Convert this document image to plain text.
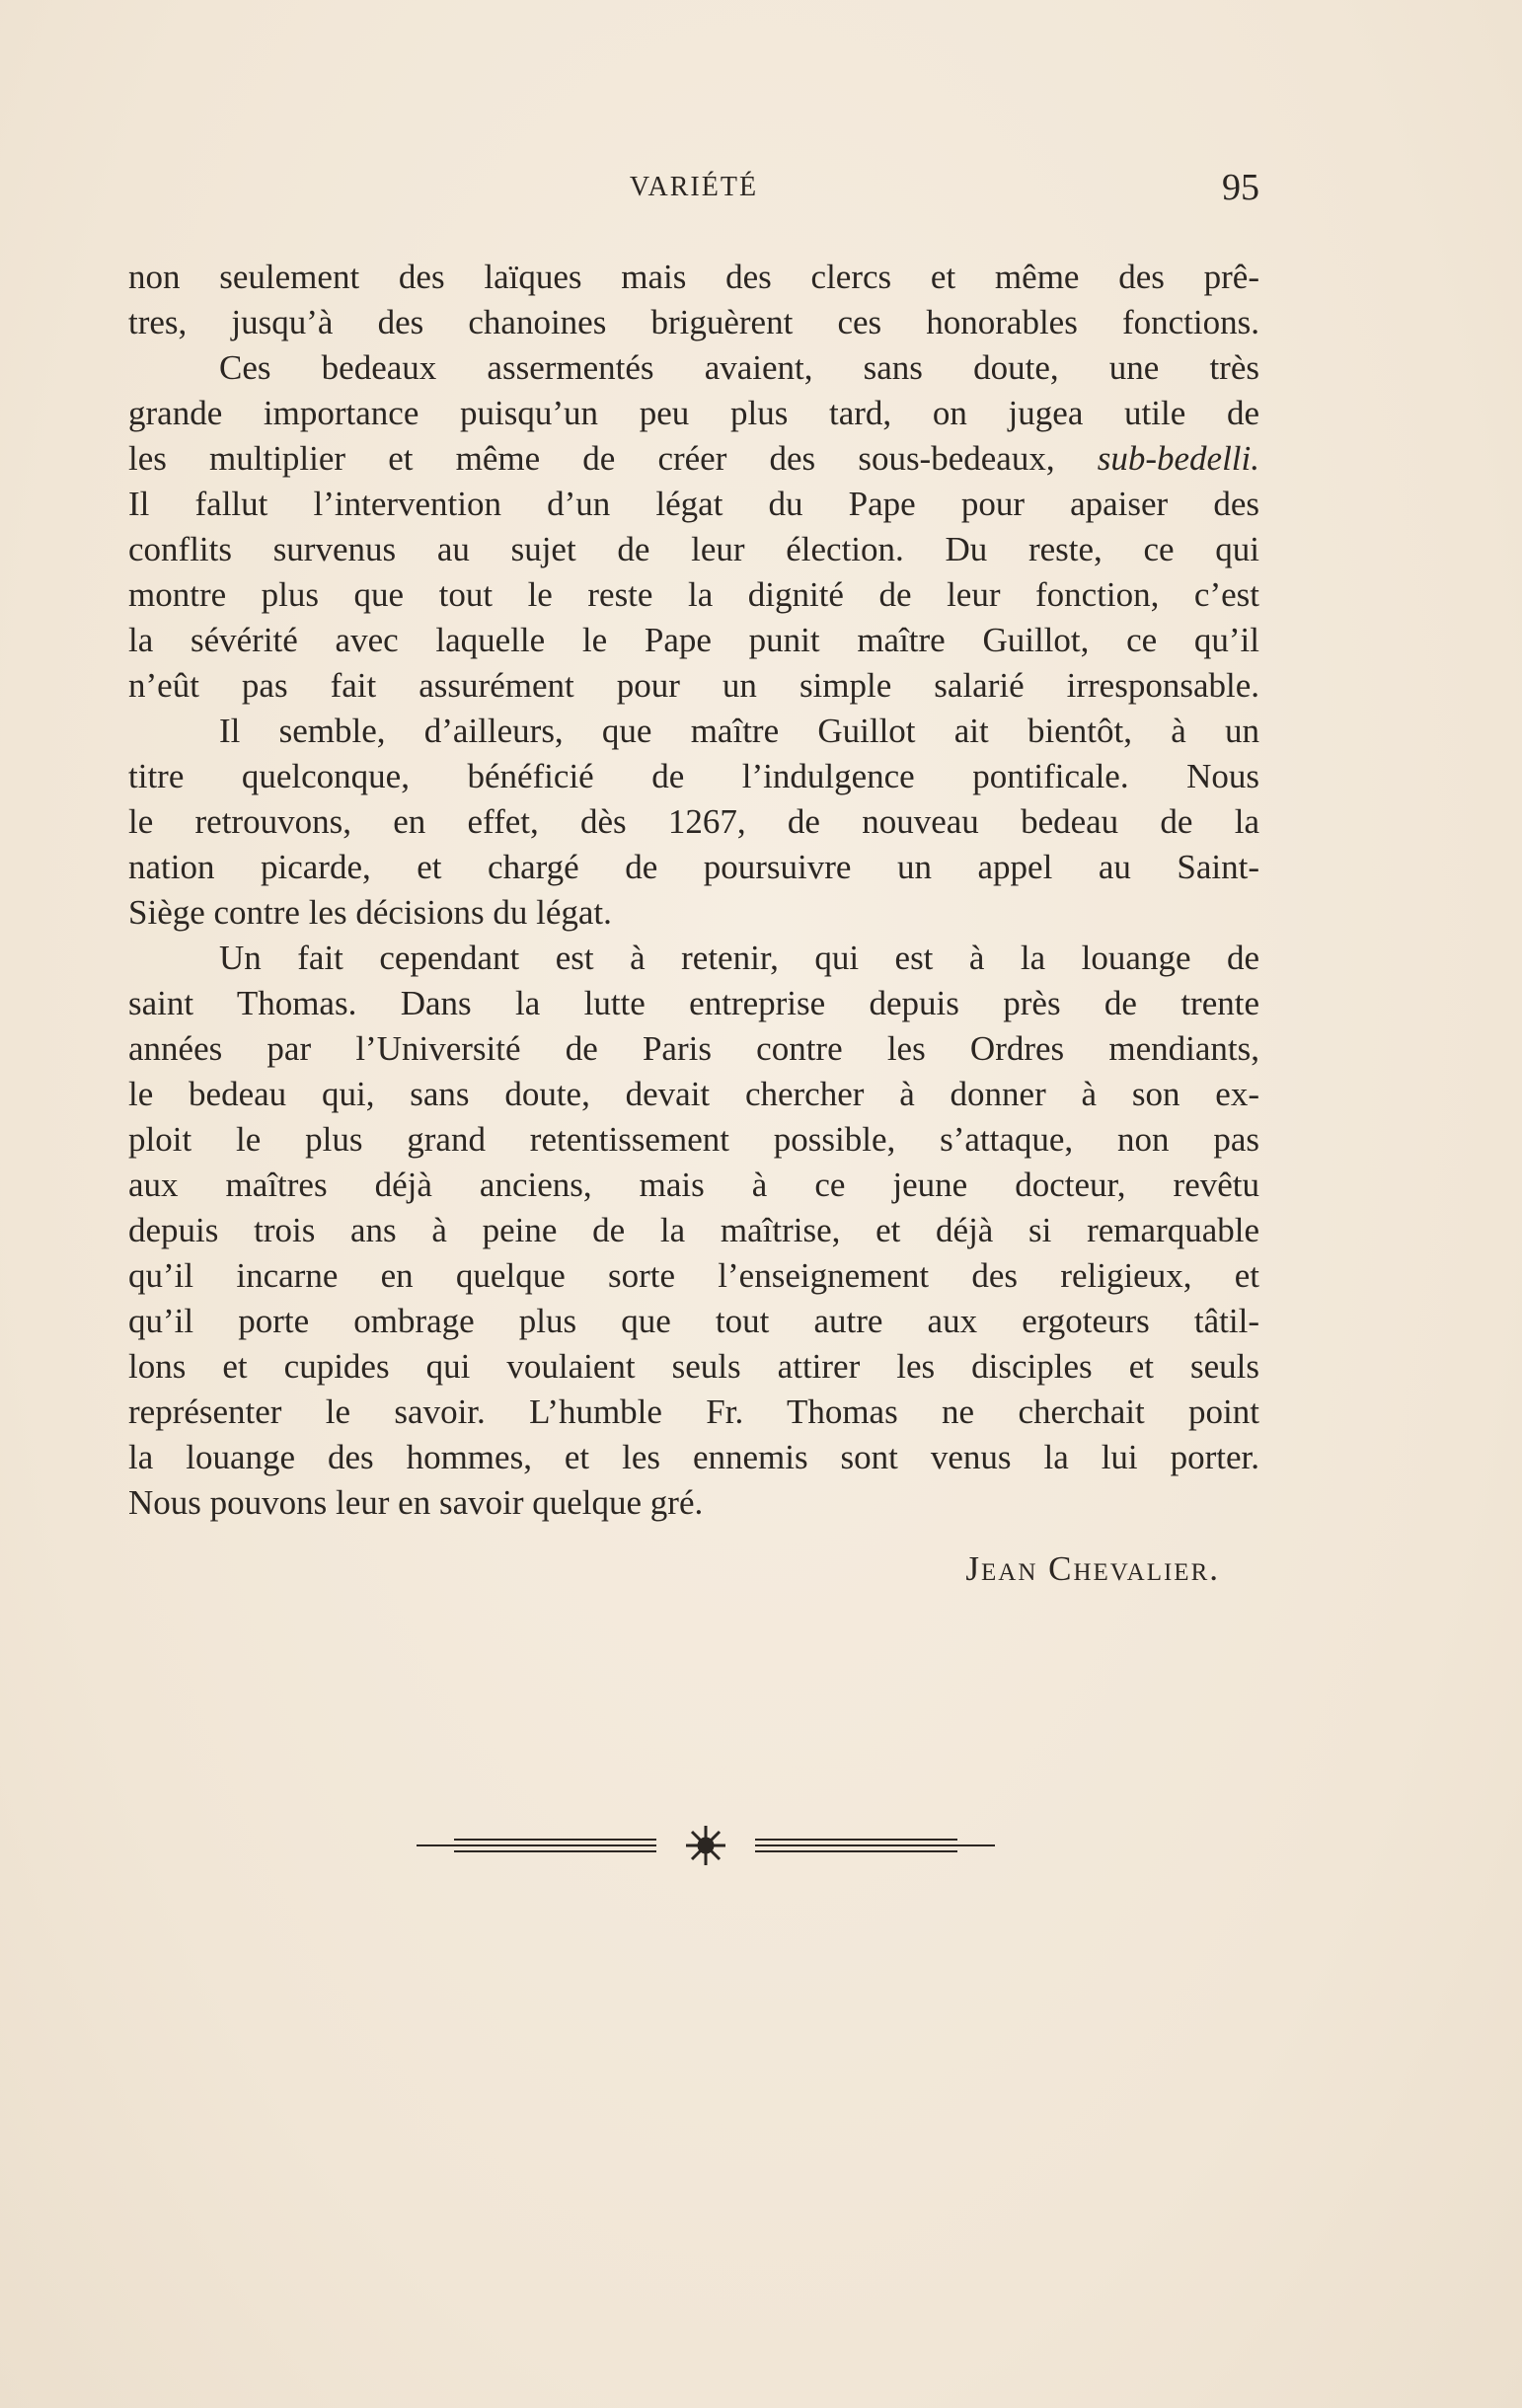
VARIÉTÉ	95
non seulement des laïques mais des clercs et même des prê-
tres, jusqu’à des chanoines briguèrent ces honorables fonctions.
Ces bedeaux assermentés avaient, sans doute, une très
grande importance puisqu’un peu plus tard, on jugea utile de
les multiplier et même de créer des sous-bedeaux, sub-bedelli.
Il fallut l’intervention d’un légat du Pape pour apaiser des
conflits survenus au sujet de leur élection. Du reste, ce qui
montre plus que tout le reste la dignité de leur fonction, c’est
la sévérité avec laquelle le Pape punit maître Guillot, ce qu’il
n’eût pas fait assurément pour un simple salarié irresponsable.
Il semble, d’ailleurs, que maître Guillot ait bientôt, à un
titre quelconque, bénéficié de l’indulgence pontificale. Nous
le retrouvons, en effet, dès 1267, de nouveau bedeau de la
nation picarde, et chargé de poursuivre un appel au Saint-
Siège contre les décisions du légat.
Un fait cependant est à retenir, qui est à la louange de
saint Thomas. Dans la lutte entreprise depuis près de trente
années par l’Université de Paris contre les Ordres mendiants,
le bedeau qui, sans doute, devait chercher à donner à son ex-
ploit le plus grand retentissement possible, s’attaque, non pas
aux maîtres déjà anciens, mais à ce jeune docteur, revêtu
depuis trois ans à peine de la maîtrise, et déjà si remarquable
qu’il incarne en quelque sorte l’enseignement des religieux, et
qu’il porte ombrage plus que tout autre aux ergoteurs tâtil-
lons et cupides qui voulaient seuls attirer les disciples et seuls
représenter le savoir. L’humble Fr. Thomas ne cherchait point
la louange des hommes, et les ennemis sont venus la lui porter.
Nous pouvons leur en savoir quelque gré.
Jean Chevalier.
